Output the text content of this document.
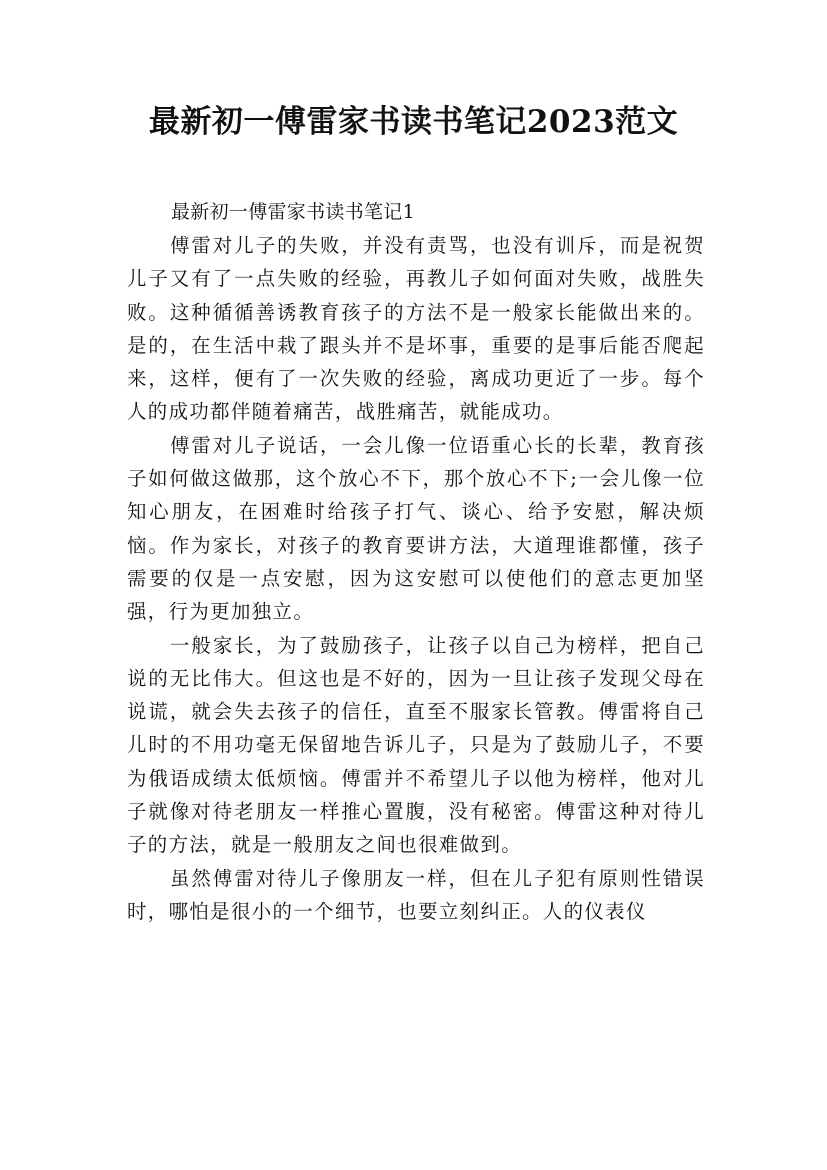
最新初一傅雷家书读书笔记2023范文

最新初一傅雷家书读书笔记1

傅雷对儿子的失败，并没有责骂，也没有训斥，而是祝贺儿子又有了一点失败的经验，再教儿子如何面对失败，战胜失败。这种循循善诱教育孩子的方法不是一般家长能做出来的。是的，在生活中栽了跟头并不是坏事，重要的是事后能否爬起来，这样，便有了一次失败的经验，离成功更近了一步。每个人的成功都伴随着痛苦，战胜痛苦，就能成功。

傅雷对儿子说话，一会儿像一位语重心长的长辈，教育孩子如何做这做那，这个放心不下，那个放心不下;一会儿像一位知心朋友，在困难时给孩子打气、谈心、给予安慰，解决烦恼。作为家长，对孩子的教育要讲方法，大道理谁都懂，孩子需要的仅是一点安慰，因为这安慰可以使他们的意志更加坚强，行为更加独立。

一般家长，为了鼓励孩子，让孩子以自己为榜样，把自己说的无比伟大。但这也是不好的，因为一旦让孩子发现父母在说谎，就会失去孩子的信任，直至不服家长管教。傅雷将自己儿时的不用功毫无保留地告诉儿子，只是为了鼓励儿子，不要为俄语成绩太低烦恼。傅雷并不希望儿子以他为榜样，他对儿子就像对待老朋友一样推心置腹，没有秘密。傅雷这种对待儿子的方法，就是一般朋友之间也很难做到。

虽然傅雷对待儿子像朋友一样，但在儿子犯有原则性错误时，哪怕是很小的一个细节，也要立刻纠正。人的仪表仪
